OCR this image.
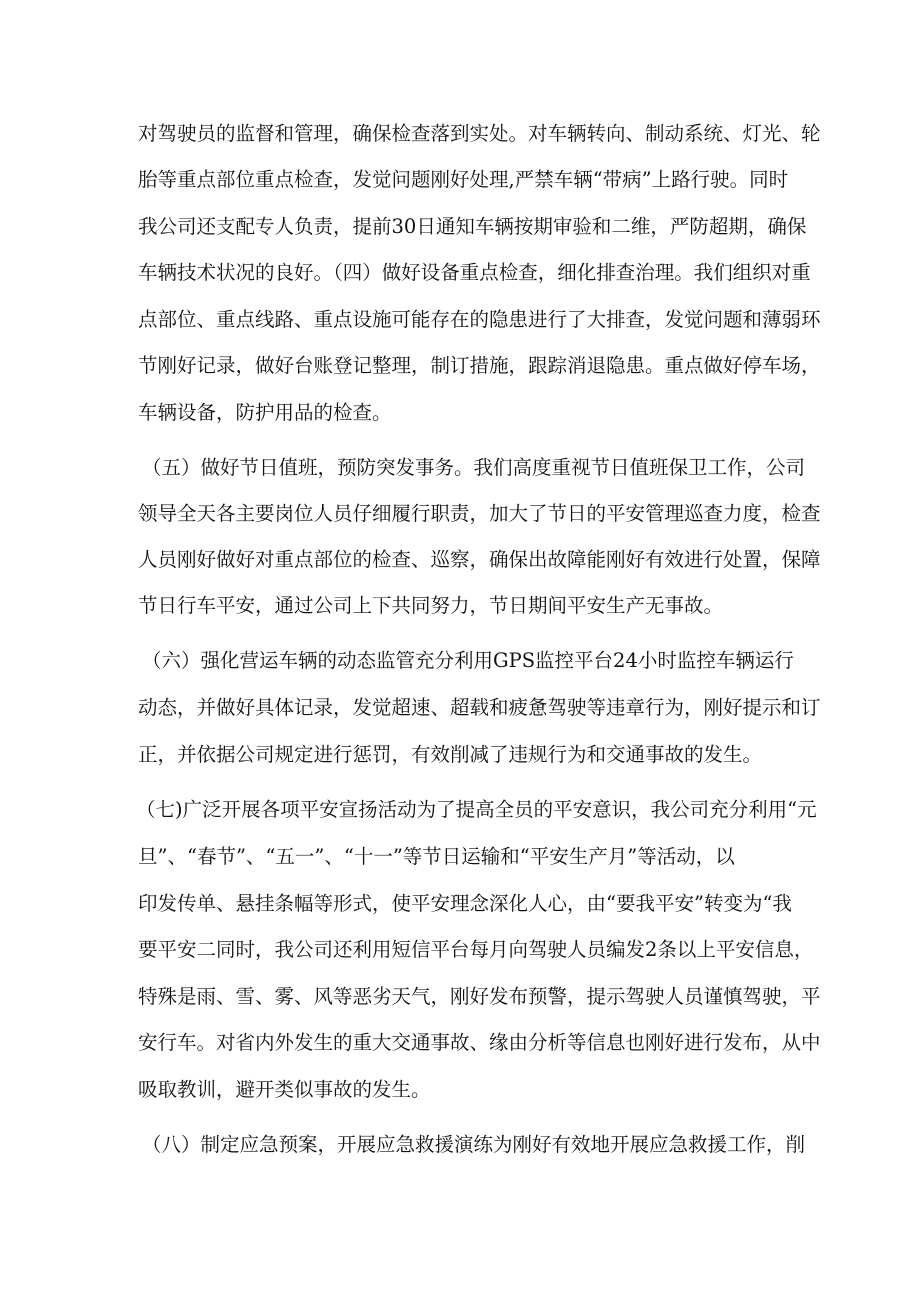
对驾驶员的监督和管理，确保检查落到实处。对车辆转向、制动系统、灯光、轮
胎等重点部位重点检查，发觉问题刚好处理,严禁车辆“带病”上路行驶。同时
我公司还支配专人负责，提前30日通知车辆按期审验和二维，严防超期，确保
车辆技术状况的良好。（四）做好设备重点检查，细化排查治理。我们组织对重
点部位、重点线路、重点设施可能存在的隐患进行了大排查，发觉问题和薄弱环
节刚好记录，做好台账登记整理，制订措施，跟踪消退隐患。重点做好停车场，
车辆设备，防护用品的检查。
（五）做好节日值班，预防突发事务。我们高度重视节日值班保卫工作，公司
领导全天各主要岗位人员仔细履行职责，加大了节日的平安管理巡查力度，检查
人员刚好做好对重点部位的检查、巡察，确保出故障能刚好有效进行处置，保障
节日行车平安，通过公司上下共同努力，节日期间平安生产无事故。
（六）强化营运车辆的动态监管充分利用GPS监控平台24小时监控车辆运行
动态，并做好具体记录，发觉超速、超载和疲惫驾驶等违章行为，刚好提示和订
正，并依据公司规定进行惩罚，有效削减了违规行为和交通事故的发生。
（七)广泛开展各项平安宣扬活动为了提高全员的平安意识，我公司充分利用“元
旦”、“春节”、“五一”、“十一”等节日运输和“平安生产月”等活动，以
印发传单、悬挂条幅等形式，使平安理念深化人心，由“要我平安”转变为“我
要平安二同时，我公司还利用短信平台每月向驾驶人员编发2条以上平安信息，
特殊是雨、雪、雾、风等恶劣天气，刚好发布预警，提示驾驶人员谨慎驾驶，平
安行车。对省内外发生的重大交通事故、缘由分析等信息也刚好进行发布，从中
吸取教训，避开类似事故的发生。
（八）制定应急预案，开展应急救援演练为刚好有效地开展应急救援工作，削
